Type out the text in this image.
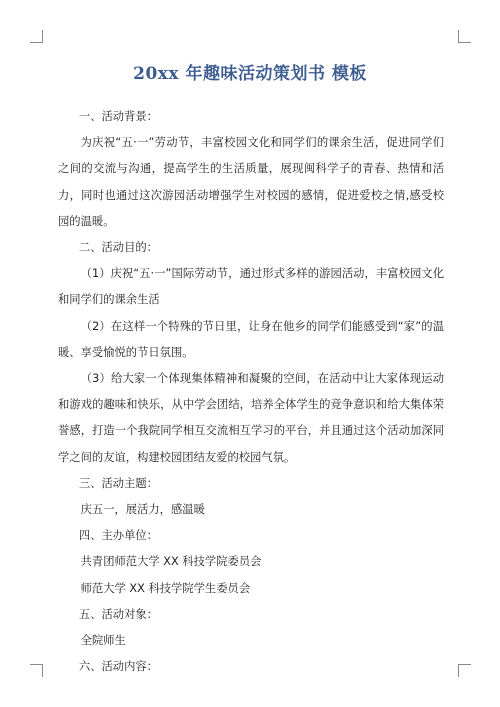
20xx 年趣味活动策划书 模板

一、活动背景：

为庆祝“五·一”劳动节，丰富校园文化和同学们的课余生活，促进同学们之间的交流与沟通，提高学生的生活质量，展现闽科学子的青春、热情和活力，同时也通过这次游园活动增强学生对校园的感情，促进爱校之情,感受校园的温暖。

二、活动目的：

（1）庆祝“五·一”国际劳动节，通过形式多样的游园活动，丰富校园文化和同学们的课余生活

（2）在这样一个特殊的节日里，让身在他乡的同学们能感受到“家”的温暖、享受愉悦的节日氛围。

（3）给大家一个体现集体精神和凝聚的空间，在活动中让大家体现运动和游戏的趣味和快乐，从中学会团结，培养全体学生的竞争意识和给大集体荣誉感，打造一个我院同学相互交流相互学习的平台，并且通过这个活动加深同学之间的友谊，构建校园团结友爱的校园气氛。

三、活动主题：

庆五一，展活力，感温暖

四、主办单位：

共青团师范大学 XX 科技学院委员会

师范大学 XX 科技学院学生委员会

五、活动对象：

全院师生

六、活动内容：
